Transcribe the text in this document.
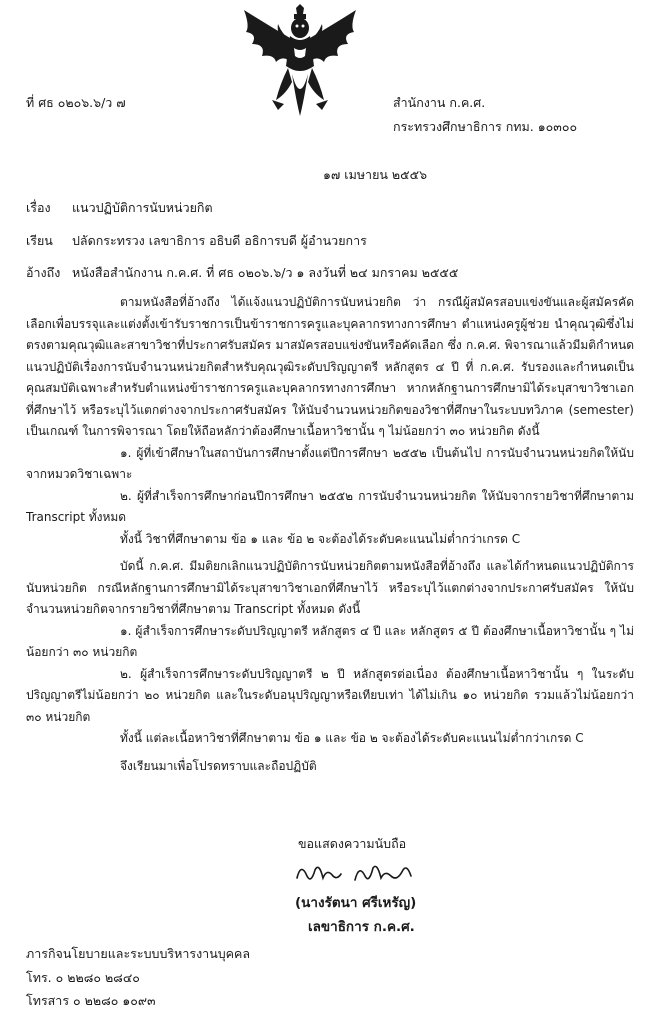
ที่ ศธ ๐๒๐๖.๖/ว ๗	สำนักงาน ก.ค.ศ.
กระทรวงศึกษาธิการ กทม. ๑๐๓๐๐
๑๗ เมษายน ๒๕๕๖
เรื่อง แนวปฏิบัติการนับหน่วยกิต
เรียน ปลัดกระทรวง เลขาธิการ อธิบดี อธิการบดี ผู้อำนวยการ
อ้างถึง หนังสือสำนักงาน ก.ค.ศ. ที่ ศธ ๐๒๐๖.๖/ว ๑ ลงวันที่ ๒๔ มกราคม ๒๕๕๕

ตามหนังสือที่อ้างถึง ได้แจ้งแนวปฏิบัติการนับหน่วยกิต ว่า กรณีผู้สมัครสอบแข่งขันและผู้สมัครคัดเลือกเพื่อบรรจุและแต่งตั้งเข้ารับราชการเป็นข้าราชการครูและบุคลากรทางการศึกษา ตำแหน่งครูผู้ช่วย นำคุณวุฒิซึ่งไม่ตรงตามคุณวุฒิและสาขาวิชาที่ประกาศรับสมัคร มาสมัครสอบแข่งขันหรือคัดเลือก ซึ่ง ก.ค.ศ. พิจารณาแล้วมีมติกำหนดแนวปฏิบัติเรื่องการนับจำนวนหน่วยกิตสำหรับคุณวุฒิระดับปริญญาตรี หลักสูตร ๔ ปี ที่ ก.ค.ศ. รับรองและกำหนดเป็นคุณสมบัติเฉพาะสำหรับตำแหน่งข้าราชการครูและบุคลากรทางการศึกษา หากหลักฐานการศึกษามิได้ระบุสาขาวิชาเอกที่ศึกษาไว้ หรือระบุไว้แตกต่างจากประกาศรับสมัคร ให้นับจำนวนหน่วยกิตของวิชาที่ศึกษาในระบบทวิภาค (semester) เป็นเกณฑ์ ในการพิจารณา โดยให้ถือหลักว่าต้องศึกษาเนื้อหาวิชานั้น ๆ ไม่น้อยกว่า ๓๐ หน่วยกิต ดังนี้

๑. ผู้ที่เข้าศึกษาในสถาบันการศึกษาตั้งแต่ปีการศึกษา ๒๕๕๒ เป็นต้นไป การนับจำนวนหน่วยกิตให้นับจากหมวดวิชาเฉพาะ

๒. ผู้ที่สำเร็จการศึกษาก่อนปีการศึกษา ๒๕๕๒ การนับจำนวนหน่วยกิต ให้นับจากรายวิชาที่ศึกษาตาม Transcript ทั้งหมด

ทั้งนี้ วิชาที่ศึกษาตาม ข้อ ๑ และ ข้อ ๒ จะต้องได้ระดับคะแนนไม่ต่ำกว่าเกรด C

บัดนี้ ก.ค.ศ. มีมติยกเลิกแนวปฏิบัติการนับหน่วยกิตตามหนังสือที่อ้างถึง และได้กำหนดแนวปฏิบัติการนับหน่วยกิต กรณีหลักฐานการศึกษามิได้ระบุสาขาวิชาเอกที่ศึกษาไว้ หรือระบุไว้แตกต่างจากประกาศรับสมัคร ให้นับจำนวนหน่วยกิตจากรายวิชาที่ศึกษาตาม Transcript ทั้งหมด ดังนี้

๑. ผู้สำเร็จการศึกษาระดับปริญญาตรี หลักสูตร ๔ ปี และ หลักสูตร ๕ ปี ต้องศึกษาเนื้อหาวิชานั้น ๆ ไม่น้อยกว่า ๓๐ หน่วยกิต

๒. ผู้สำเร็จการศึกษาระดับปริญญาตรี ๒ ปี หลักสูตรต่อเนื่อง ต้องศึกษาเนื้อหาวิชานั้น ๆ ในระดับปริญญาตรีไม่น้อยกว่า ๒๐ หน่วยกิต และในระดับอนุปริญญาหรือเทียบเท่า ได้ไม่เกิน ๑๐ หน่วยกิต รวมแล้วไม่น้อยกว่า ๓๐ หน่วยกิต

ทั้งนี้ แต่ละเนื้อหาวิชาที่ศึกษาตาม ข้อ ๑ และ ข้อ ๒ จะต้องได้ระดับคะแนนไม่ต่ำกว่าเกรด C

จึงเรียนมาเพื่อโปรดทราบและถือปฏิบัติ

ขอแสดงความนับถือ
(นางรัตนา ศรีเหรัญ)
เลขาธิการ ก.ค.ศ.
ภารกิจนโยบายและระบบบริหารงานบุคคล
โทร. ๐ ๒๒๘๐ ๒๘๔๐
โทรสาร ๐ ๒๒๘๐ ๑๐๙๓
